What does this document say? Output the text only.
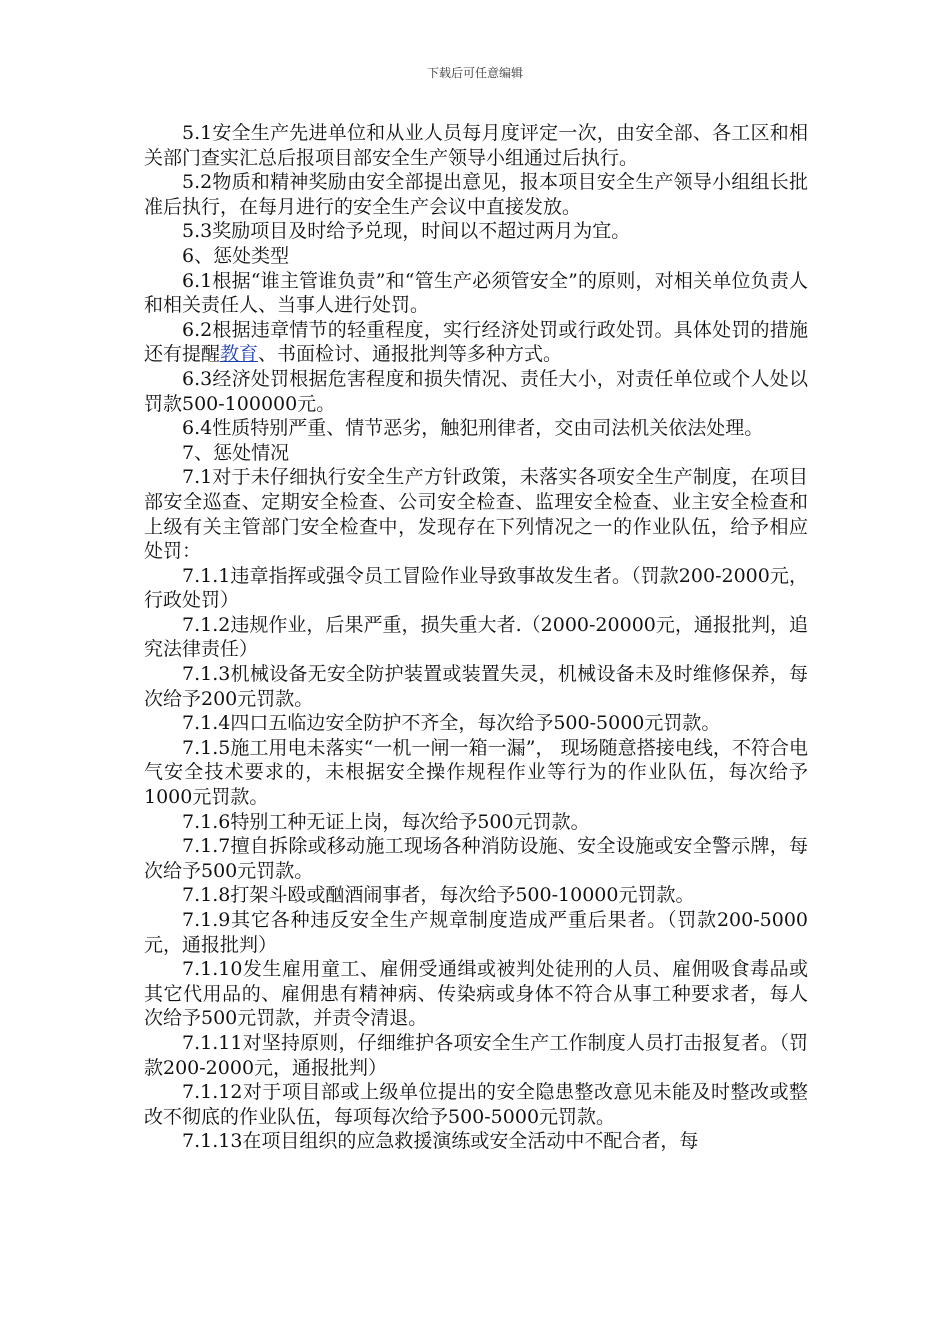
下载后可任意编辑

5.1安全生产先进单位和从业人员每月度评定一次，由安全部、各工区和相关部门查实汇总后报项目部安全生产领导小组通过后执行。

5.2物质和精神奖励由安全部提出意见，报本项目安全生产领导小组组长批准后执行，在每月进行的安全生产会议中直接发放。

5.3奖励项目及时给予兑现，时间以不超过两月为宜。

6、惩处类型

6.1根据“谁主管谁负责”和“管生产必须管安全”的原则，对相关单位负责人和相关责任人、当事人进行处罚。

6.2根据违章情节的轻重程度，实行经济处罚或行政处罚。具体处罚的措施还有提醒教育、书面检讨、通报批判等多种方式。

6.3经济处罚根据危害程度和损失情况、责任大小，对责任单位或个人处以罚款500-100000元。

6.4性质特别严重、情节恶劣，触犯刑律者，交由司法机关依法处理。

7、惩处情况

7.1对于未仔细执行安全生产方针政策，未落实各项安全生产制度，在项目部安全巡查、定期安全检查、公司安全检查、监理安全检查、业主安全检查和上级有关主管部门安全检查中，发现存在下列情况之一的作业队伍，给予相应处罚：

7.1.1违章指挥或强令员工冒险作业导致事故发生者。（罚款200-2000元，行政处罚）

7.1.2违规作业，后果严重，损失重大者.（2000-20000元，通报批判，追究法律责任）

7.1.3机械设备无安全防护装置或装置失灵，机械设备未及时维修保养，每次给予200元罚款。

7.1.4四口五临边安全防护不齐全，每次给予500-5000元罚款。

7.1.5施工用电未落实“一机一闸一箱一漏”， 现场随意搭接电线，不符合电气安全技术要求的，未根据安全操作规程作业等行为的作业队伍，每次给予1000元罚款。

7.1.6特别工种无证上岗，每次给予500元罚款。

7.1.7擅自拆除或移动施工现场各种消防设施、安全设施或安全警示牌，每次给予500元罚款。

7.1.8打架斗殴或酗酒闹事者，每次给予500-10000元罚款。

7.1.9其它各种违反安全生产规章制度造成严重后果者。（罚款200-5000元，通报批判）

7.1.10发生雇用童工、雇佣受通缉或被判处徒刑的人员、雇佣吸食毒品或其它代用品的、雇佣患有精神病、传染病或身体不符合从事工种要求者，每人次给予500元罚款，并责令清退。

7.1.11对坚持原则，仔细维护各项安全生产工作制度人员打击报复者。（罚款200-2000元，通报批判）

7.1.12对于项目部或上级单位提出的安全隐患整改意见未能及时整改或整改不彻底的作业队伍，每项每次给予500-5000元罚款。

7.1.13在项目组织的应急救援演练或安全活动中不配合者，每
